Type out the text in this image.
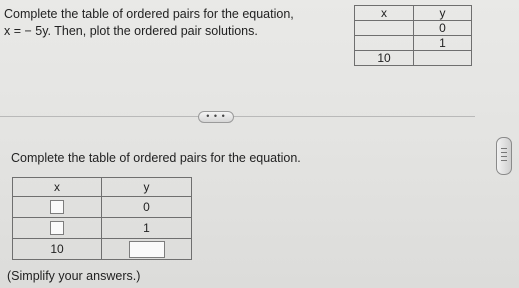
Complete the table of ordered pairs for the equation,
x = − 5y. Then, plot the ordered pair solutions.
x	y
	0
	1
10	
• • •
Complete the table of ordered pairs for the equation.
x	y
	0
	1
10	
(Simplify your answers.)
